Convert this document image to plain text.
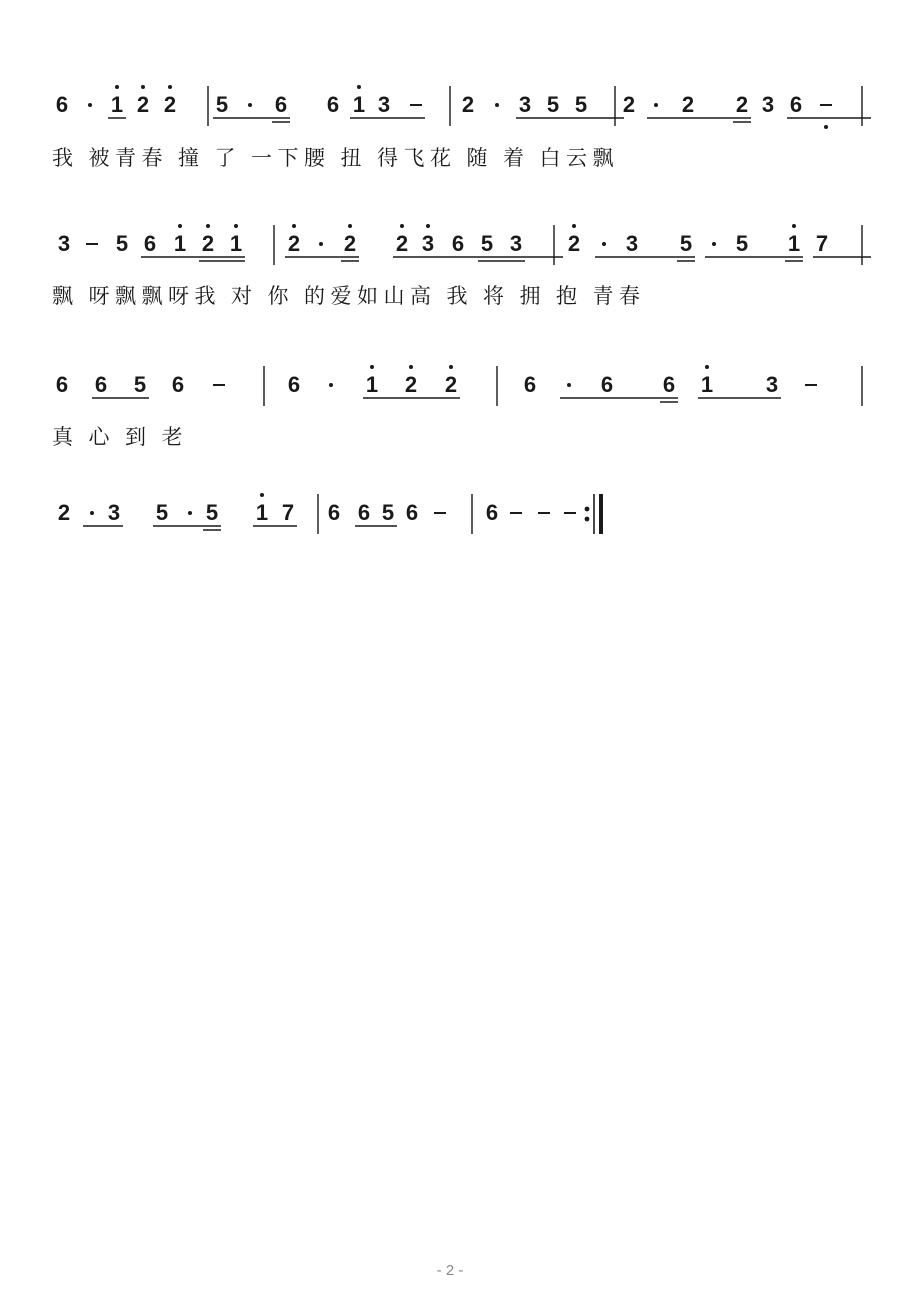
6 1 2 2 5 6 6 1 3	2 3 5 5 2 2 2 3 6
我 被 青 春 撞 了 一 下 腰 扭 得 飞 花 随 着 白 云 飘
3 5 6 1 2 1 2 2 2 3 6 5 3 2 3 5 5 1 7
飘 呀 飘 飘 呀 我 对 你 的 爱 如 山 高 我 将 拥 抱 青 春
6 6 5 6	6	1 2 2	6	6 6 1 3
真 心 到 老
2 3 5 5 1 7 6 6 5 6	6
- 2 -
